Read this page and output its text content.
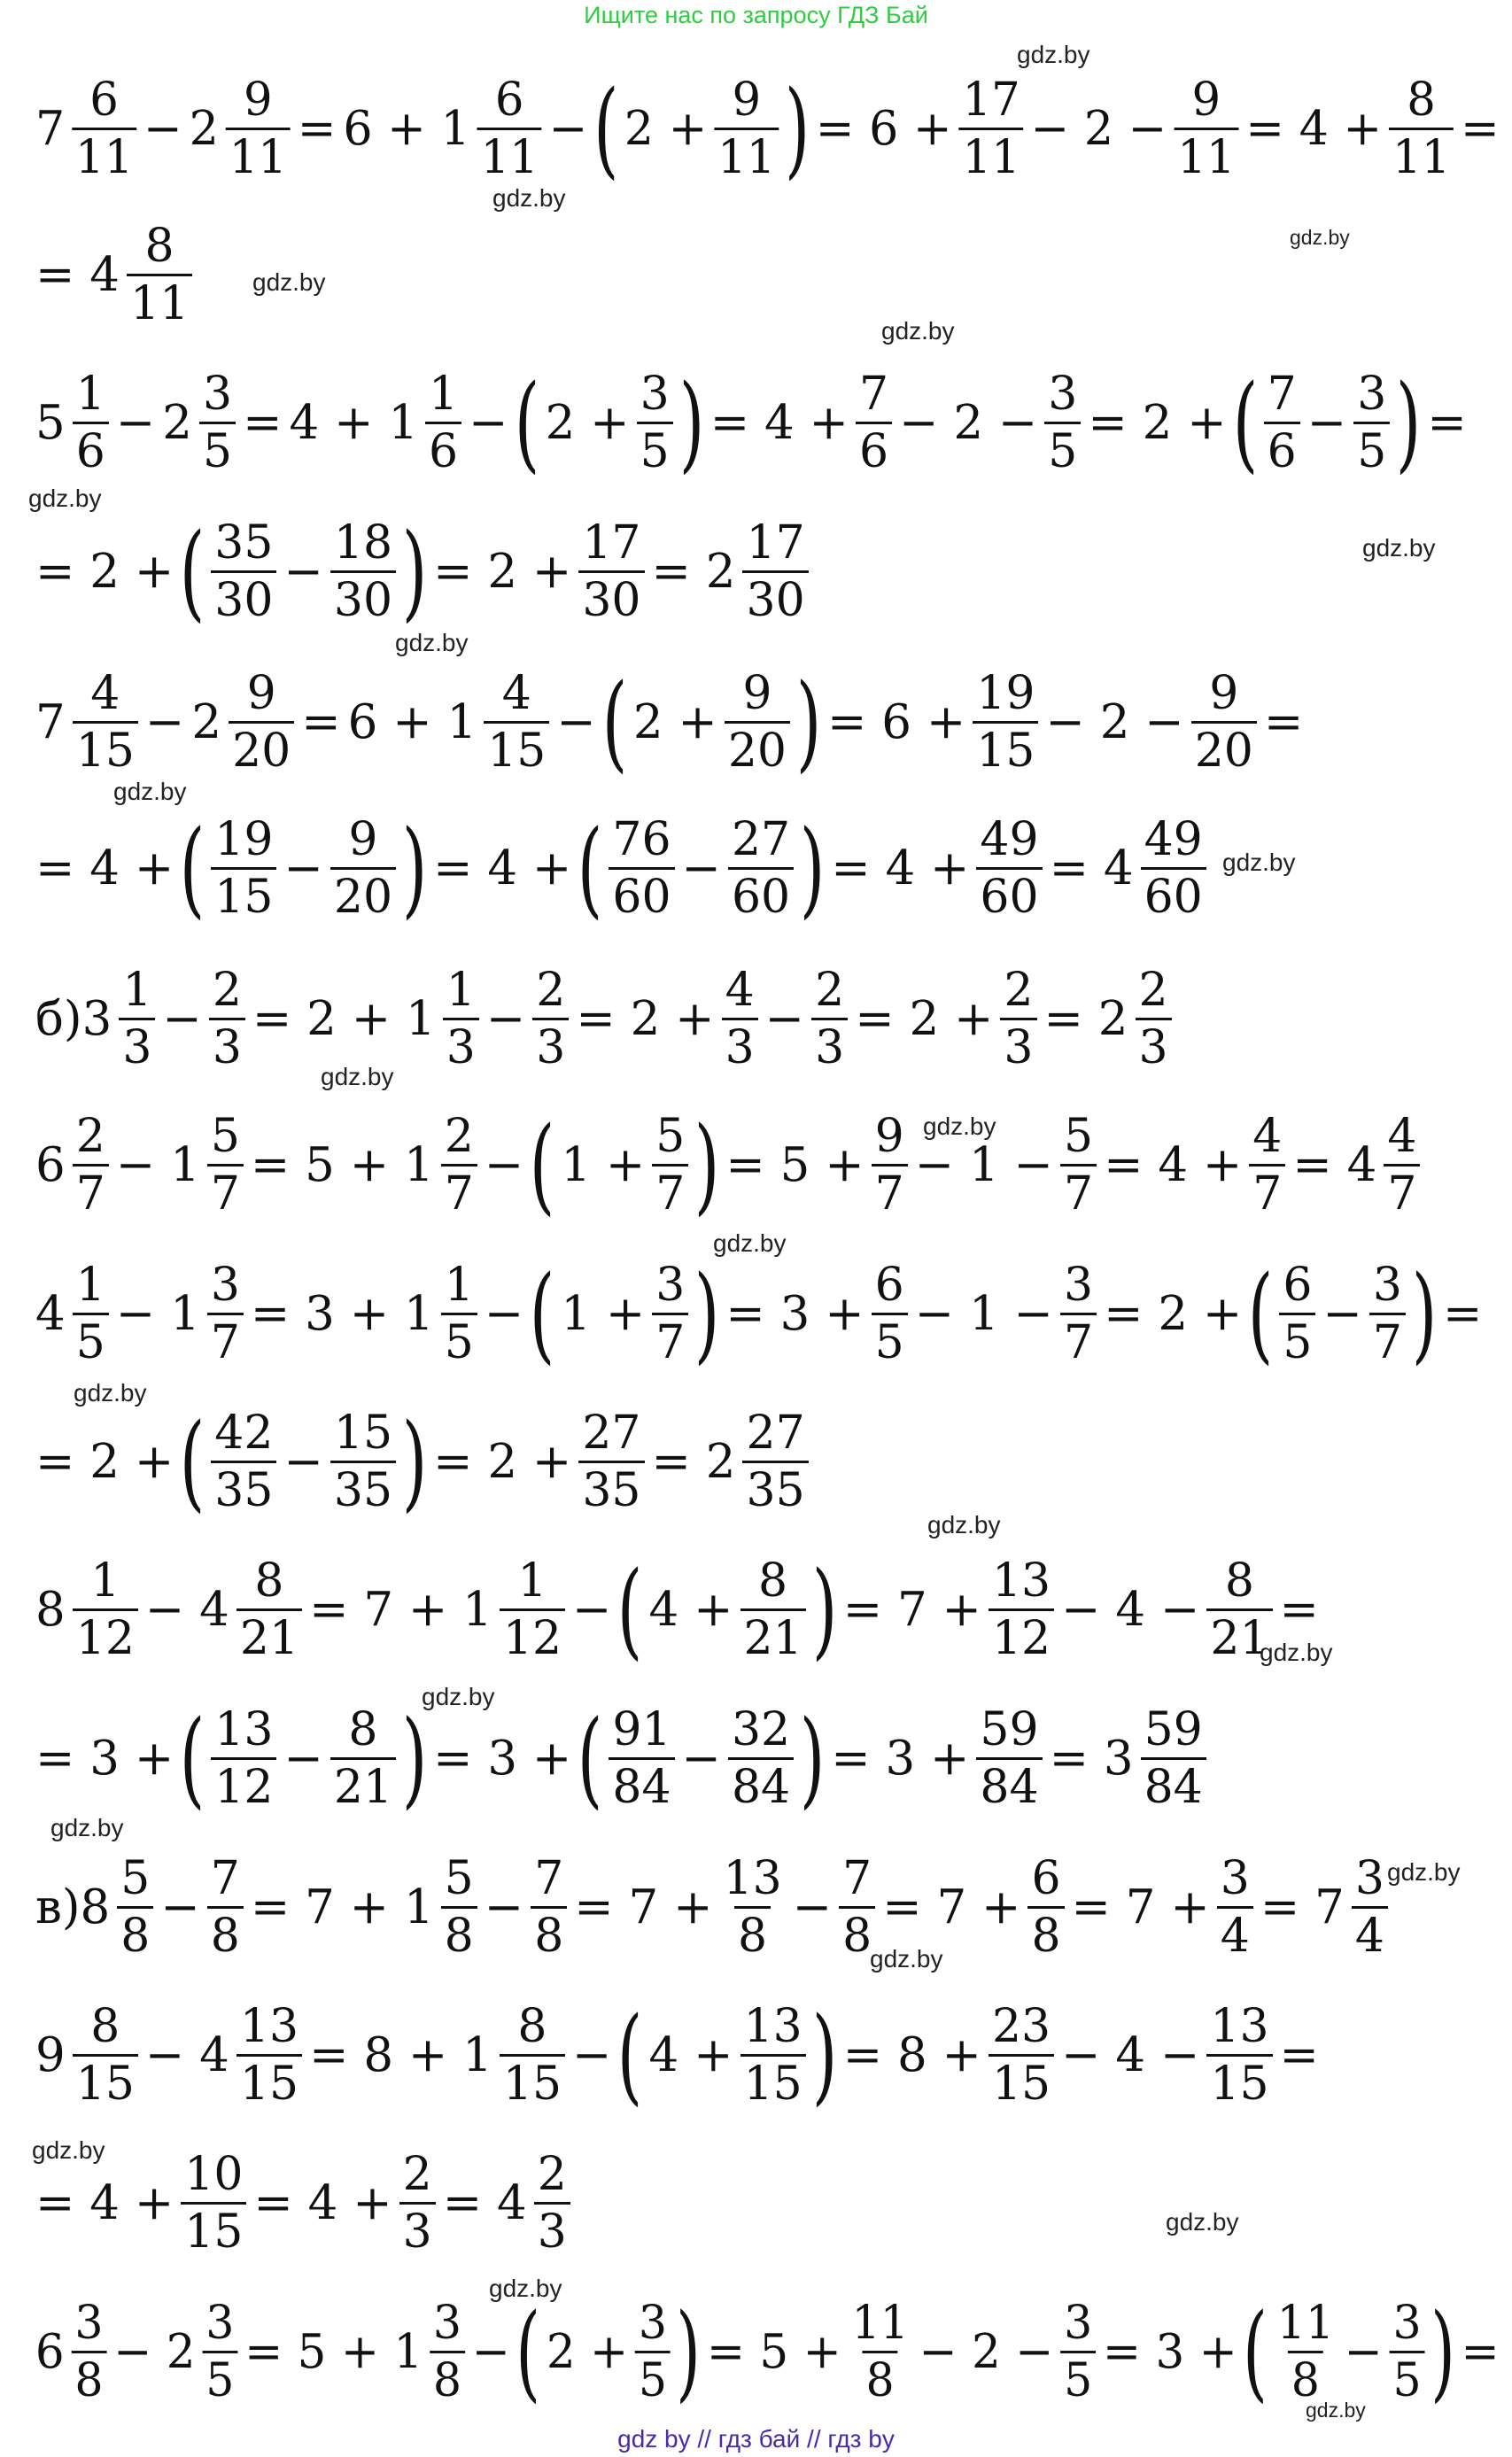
Ищите нас по запросу ГДЗ Бай
$7 \frac{6}{11} - 2 \frac{9}{11} = 6 + 1 \frac{6}{11}$ − ( $2 + \frac{9}{11}$ ) = $6 + \frac{17}{11} - 2 - \frac{9}{11} = 4 + \frac{8}{11}$ =
= $4 \frac{8}{11}$
$5 \frac{1}{6} - 2 \frac{3}{5} = 4 + 1 \frac{1}{6}$ − ( $2 + \frac{3}{5}$ ) = $4 + \frac{7}{6} - 2 - \frac{3}{5} = 2$ + ( $\frac{7}{6} - \frac{3}{5}$ ) =
= 2 + ( $\frac{35}{30} - \frac{18}{30}$ ) = $2 + \frac{17}{30} = 2 \frac{17}{30}$
$7 \frac{4}{15} - 2 \frac{9}{20} = 6 + 1 \frac{4}{15}$ − ( $2 + \frac{9}{20}$ ) = $6 + \frac{19}{15} - 2 - \frac{9}{20}$ =
= 4 + ( $\frac{19}{15} - \frac{9}{20}$ ) = 4 + ( $\frac{76}{60} - \frac{27}{60}$ ) = $4 + \frac{49}{60} = 4 \frac{49}{60}$
$б)3 \frac{1}{3} - \frac{2}{3} = 2 + 1 \frac{1}{3} - \frac{2}{3} = 2 + \frac{4}{3} - \frac{2}{3} = 2 + \frac{2}{3} = 2 \frac{2}{3}$
$6 \frac{2}{7} - 1 \frac{5}{7} = 5 + 1 \frac{2}{7}$ − ( $1 + \frac{5}{7}$ ) = $5 + \frac{9}{7} - 1 - \frac{5}{7} = 4 + \frac{4}{7} = 4 \frac{4}{7}$
$4 \frac{1}{5} - 1 \frac{3}{7} = 3 + 1 \frac{1}{5}$ − ( $1 + \frac{3}{7}$ ) = $3 + \frac{6}{5} - 1 - \frac{3}{7} = 2$ + ( $\frac{6}{5} - \frac{3}{7}$ ) =
= 2 + ( $\frac{42}{35} - \frac{15}{35}$ ) = $2 + \frac{27}{35} = 2 \frac{27}{35}$
$8 \frac{1}{12} - 4 \frac{8}{21} = 7 + 1 \frac{1}{12}$ − ( $4 + \frac{8}{21}$ ) = $7 + \frac{13}{12} - 4 - \frac{8}{21}$ =
= 3 + ( $\frac{13}{12} - \frac{8}{21}$ ) = 3 + ( $\frac{91}{84} - \frac{32}{84}$ ) = $3 + \frac{59}{84} = 3 \frac{59}{84}$
$в)8 \frac{5}{8} - \frac{7}{8} = 7 + 1 \frac{5}{8} - \frac{7}{8} = 7 + \frac{13}{8} - \frac{7}{8} = 7 + \frac{6}{8} = 7 + \frac{3}{4} = 7 \frac{3}{4}$
$9 \frac{8}{15} - 4 \frac{13}{15} = 8 + 1 \frac{8}{15}$ − ( $4 + \frac{13}{15}$ ) = $8 + \frac{23}{15} - 4 - \frac{13}{15}$ =
= $4 + \frac{10}{15} = 4 + \frac{2}{3} = 4 \frac{2}{3}$
$6 \frac{3}{8} - 2 \frac{3}{5} = 5 + 1 \frac{3}{8}$ − ( $2 + \frac{3}{5}$ ) = $5 + \frac{11}{8} - 2 - \frac{3}{5} = 3$ + ( $\frac{11}{8} - \frac{3}{5}$ ) =
gdz.by
gdz.by
gdz.by
gdz.by
gdz.by
gdz.by
gdz.by
gdz.by
gdz.by
gdz.by
gdz.by
gdz.by
gdz.by
gdz.by
gdz.by
gdz.by
gdz.by
gdz.by
gdz.by
gdz.by
gdz.by
gdz.by
gdz.by
gdz.by
gdz by // гдз бай // гдз by
